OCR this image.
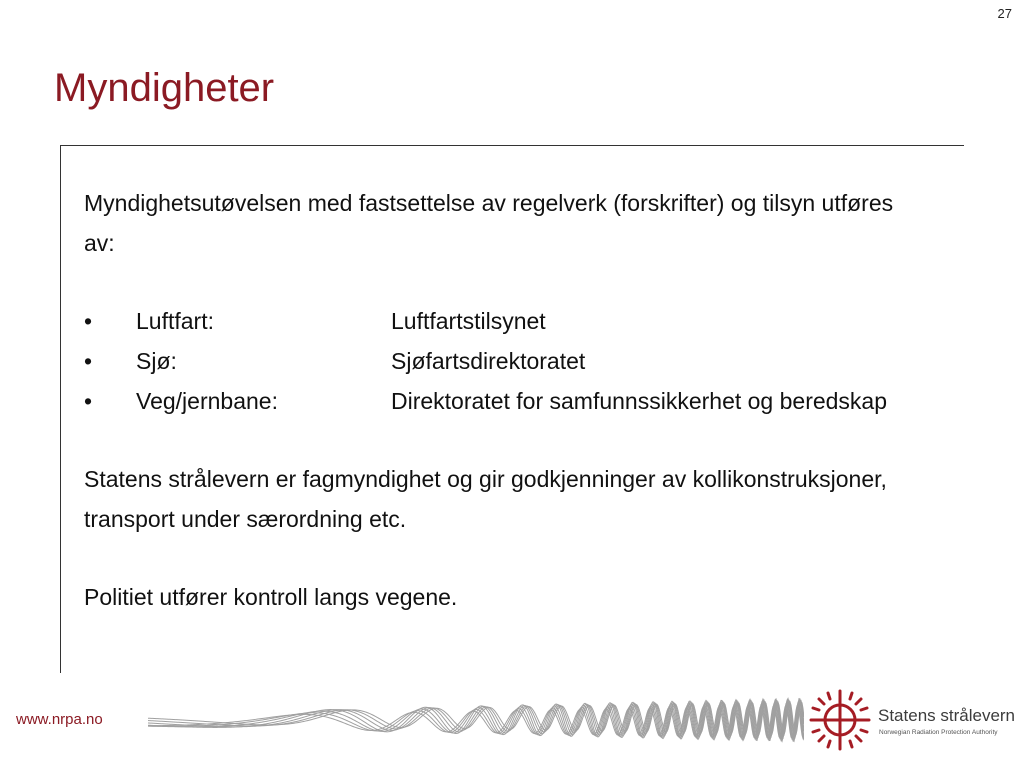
27
Myndigheter

Myndighetsutøvelsen med fastsettelse av regelverk (forskrifter) og tilsyn utføres av:

•	Luftfart:	Luftfartstilsynet
•	Sjø:	Sjøfartsdirektoratet
•	Veg/jernbane:	Direktoratet for samfunnssikkerhet og beredskap

Statens strålevern er fagmyndighet og gir godkjenninger av kollikonstruksjoner, transport under særordning etc.

Politiet utfører kontroll langs vegene.

www.nrpa.no	Statens strålevern
Norwegian Radiation Protection Authority
